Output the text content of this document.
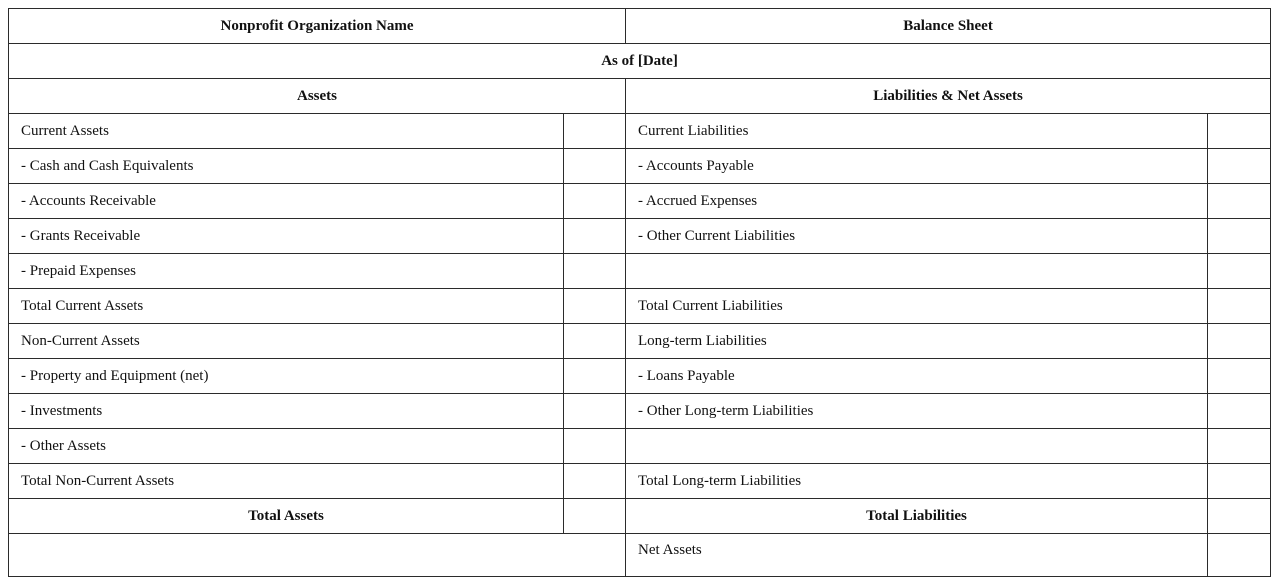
Nonprofit Organization Name		Balance Sheet	
As of [Date]			
Assets		Liabilities & Net Assets	
Current Assets		Current Liabilities	
- Cash and Cash Equivalents		- Accounts Payable	
- Accounts Receivable		- Accrued Expenses	
- Grants Receivable		- Other Current Liabilities	
- Prepaid Expenses			
Total Current Assets		Total Current Liabilities	
Non-Current Assets		Long-term Liabilities	
- Property and Equipment (net)		- Loans Payable	
- Investments		- Other Long-term Liabilities	
- Other Assets			
Total Non-Current Assets		Total Long-term Liabilities	
Total Assets		Total Liabilities	
		Net Assets	
